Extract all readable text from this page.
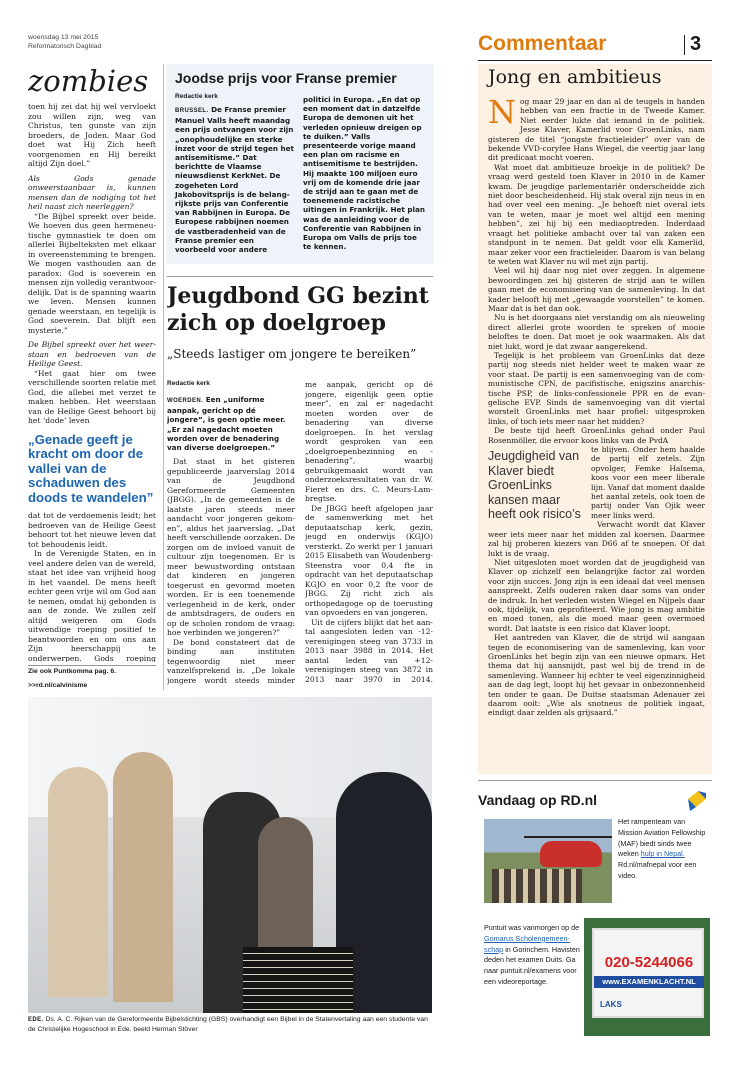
woensdag 13 mei 2015
Reformatorisch Dagblad	Commentaar	3
zombies

toen hij zei dat hij wel vervloekt zou willen zijn, weg van Christus, ten gunste van zijn broeders, de Joden. Maar God doet wat Hij Zich heeft voorgenomen en Hij bereikt altijd Zijn doel.”

Als Gods genade onweerstaanbaar is, kunnen mensen dan de nodiging tot het heil naast zich neerleggen?

“De Bijbel spreekt over beide. We hoeven dus geen hermeneutische gymnastiek te doen om allerlei Bijbelteksten met elkaar in overeenstemming te brengen. We mogen vasthouden aan de paradox: God is soeverein en mensen zijn volledig verantwoordelijk. Dat is de spanning waarin we leven. Mensen kunnen genade weerstaan, en tegelijk is God soeverein. Dat blijft een mysterie.”

De Bijbel spreekt over het weerstaan en bedroeven van de Heilige Geest.

“Het gaat hier om twee verschillende soorten relatie met God, die allebei met verzet te maken hebben. Het weerstaan van de Heilige Geest behoort bij het ‘dode’ leven

„Genade geeft je kracht om door de vallei van de schaduwen des doods te wandelen”

dat tot de verdoemenis leidt; het bedroeven van de Heilige Geest behoort tot het nieuwe leven dat tot behoudenis leidt.

In de Verenigde Staten, en in veel andere delen van de wereld, staat het idee van vrijheid hoog in het vaandel. De mens heeft echter geen vrije wil om God aan te nemen, omdat hij gebonden is aan de zonde. We zullen zelf altijd weigeren om Gods uitwendige roeping positief te beantwoorden en om ons aan Zijn heerschappij te onderwerpen. Gods roeping

Zie ook Puntkomma pag. 6.
>>rd.nl/calvinisme
Joodse prijs voor Franse premier
Redactie kerk
BRUSSEL. De Franse premier Manuel Valls heeft maandag een prijs ontvangen voor zijn „onophoudelijke en sterke inzet voor de strijd tegen het antisemitisme.” Dat berichtte de Vlaamse nieuwsdienst KerkNet. De zogeheten Lord Jakobovitsprijs is de belangrijkste prijs van Conferentie van Rabbijnen in Europa. De Europese rabbijnen noemen de vastberadenheid van de Franse premier een voorbeeld voor andere
politici in Europa. „En dat op een moment dat in datzelfde Europa de demonen uit het verleden opnieuw dreigen op te duiken.” Valls presenteerde vorige maand een plan om racisme en antisemitisme te bestrijden. Hij maakte 100 miljoen euro vrij om de komende drie jaar de strijd aan te gaan met de toenemende racistische uitingen in Frankrijk. Het plan was de aanleiding voor de Conferentie van Rabbijnen in Europa om Valls de prijs toe te kennen.
Jeugdbond GG bezint zich op doelgroep
„Steeds lastiger om jongere te bereiken”
Redactie kerk

WOERDEN. Een „uniforme aanpak, gericht op dé jongere”, is geen optie meer. „Er zal nagedacht moeten worden over de benadering van diverse doelgroepen.”

Dat staat in het gisteren gepubliceerde jaarverslag 2014 van de Jeugdbond Gereformeerde Gemeenten (JBGG). „In de gemeenten is de laatste jaren steeds meer aandacht voor jongeren gekomen”, aldus het jaarverslag. „Dat heeft verschillende oorzaken. De zorgen om de invloed vanuit de cultuur zijn toegenomen. Er is meer bewustwording ontstaan dat kinderen en jongeren toegerust en gevormd moeten worden. Er is een toenemende verlegenheid in de kerk, onder de ambtsdragers, de ouders en op de scholen rondom de vraag: hoe verbinden we jongeren?”

De bond constateert dat de binding aan instituten tegenwoordig niet meer vanzelfsprekend is. „De lokale jongere wordt steeds minder

me aanpak, gericht op dé jongere, eigenlijk geen optie meer”, en zal er nagedacht moeten worden over de benadering van diverse doelgroepen. In het verslag wordt gesproken van een „doelgroepenbezinning en -benadering”, waarbij gebruikgemaakt wordt van onderzoeksresultaten van dr. W. Fieret en drs. C. Meurs-Lambregtse.

De JBGG heeft afgelopen jaar de samenwerking met het deputaatschap kerk, gezin, jeugd en onderwijs (KGJO) versterkt. Zo werkt per 1 januari 2015 Elisabeth van Woudenberg-Steenstra voor 0,4 fte in opdracht van het deputaatschap KGJO en voor 0,2 fte voor de JBGG. Zij richt zich als orthopedagoge op de toerusting van opvoeders en van jongeren.

Uit de cijfers blijkt dat het aantal aangesloten leden van -12-verenigingen steeg van 3733 in 2013 naar 3988 in 2014. Het aantal leden van +12-verenigingen steeg van 3872 in 2013 naar 3970 in 2014.

EDE. Ds. A. C. Rijken van de Gereformeerde Bijbelstichting (GBS) overhandigt een Bijbel in de Statenvertaling aan een studente van de Christelijke Hogeschool in Ede. beeld Herman Stöver
Jong en ambitieus

Nog maar 29 jaar en dan al de teugels in handen hebben van een fractie in de Tweede Kamer. Niet eerder lukte dat iemand in de politiek. Jesse Klaver, Kamerlid voor GroenLinks, nam gisteren de titel “jongste fractieleider” over van de bekende VVD-coryfee Hans Wiegel, die veertig jaar lang dit predicaat mocht voeren.

Wat moet dat ambitieuze broekje in de politiek? De vraag werd gesteld toen Klaver in 2010 in de Kamer kwam. De jeugdige parlementariër onderscheidde zich niet door bescheidenheid. Hij stak overal zijn neus in en had over veel een mening. „Je behoeft niet overal iets van te weten, maar je moet wel altijd een mening hebben”, zei hij bij een mediaoptreden. Inderdaad vraagt het politieke ambacht over tal van zaken een standpunt in te nemen. Dat geldt voor elk Kamerlid, maar zeker voor een fractieleider. Daarom is van belang te weten wat Klaver nu wil met zijn partij.

Veel wil hij daar nog niet over zeggen. In algemene bewoordingen zei hij gisteren de strijd aan te willen gaan met de economisering van de samenleving. In dat kader belooft hij met „gewaagde voorstellen” te komen. Maar dat is het dan ook.

Nu is het doorgaans niet verstandig om als nieuweling direct allerlei grote woorden te spreken of mooie beloftes te doen. Dat moet je ook waarmaken. Als dat niet lukt, word je dat zwaar aangerekend.

Tegelijk is het probleem van GroenLinks dat deze partij nog steeds niet helder weet te maken waar ze voor staat. De partij is een samenvoeging van de communistische CPN, de pacifistische, enigszins anarchistische PSP, de links-confessionele PPR en de evangelische EVP. Sinds de samenvoeging van dit viertal worstelt GroenLinks met haar profiel: uitgesproken links, of toch iets meer naar het midden?

De beste tijd heeft GroenLinks gehad onder Paul Rosenmöller, die ervoor koos links van de PvdA

Jeugdigheid van Klaver biedt GroenLinks kansen maar heeft ook risico’s

te blijven. Onder hem haalde de partij elf zetels. Zijn opvolger, Femke Halsema, koos voor een meer liberale lijn. Vanaf dat moment daalde het aantal zetels, ook toen de partij onder Van Ojik weer meer links werd.

Verwacht wordt dat Klaver weer iets meer naar het midden zal koersen. Daarmee zal hij proberen kiezers van D66 af te snoepen. Of dat lukt is de vraag.

Niet uitgesloten moet worden dat de jeugdigheid van Klaver op zichzelf een belangrijke factor zal worden voor zijn succes. Jong zijn is een ideaal dat veel mensen aanspreekt. Zelfs ouderen raken daar soms van onder de indruk. In het verleden wisten Wiegel en Nijpels daar ook, tijdelijk, van geprofiteerd. Wie jong is mag ambitie en moed tonen, als die moed maar geen overmoed wordt. Dat laatste is een risico dat Klaver loopt.

Het aantreden van Klaver, die de strijd wil aangaan tegen de economisering van de samenleving, kan voor GroenLinks het begin zijn van een nieuwe opmars. Het thema dat hij aansnijdt, past wel bij de trend in de samenleving. Wanneer hij echter te veel eigenzinnigheid aan de dag legt, loopt hij het gevaar in onbezonnenheid ten onder te gaan. De Duitse staatsman Adenauer zei daarom ooit: „Wie als snotneus de politiek ingaat, eindigt daar zelden als grijsaard.”

Vandaag op RD.nl
Het rampenteam van Mission Aviation Fellowship (MAF) biedt sinds twee weken hulp in Nepal. Rd.nl/mafnepal voor een video.
Puntuit was vanmorgen op de Gomarus Scholengemeenschap in Gorinchem. Havisten deden het examen Duits. Ga naar puntuit.nl/examens voor een videoreportage.
020-5244066
www.EXAMENKLACHT.NL
LAKS
